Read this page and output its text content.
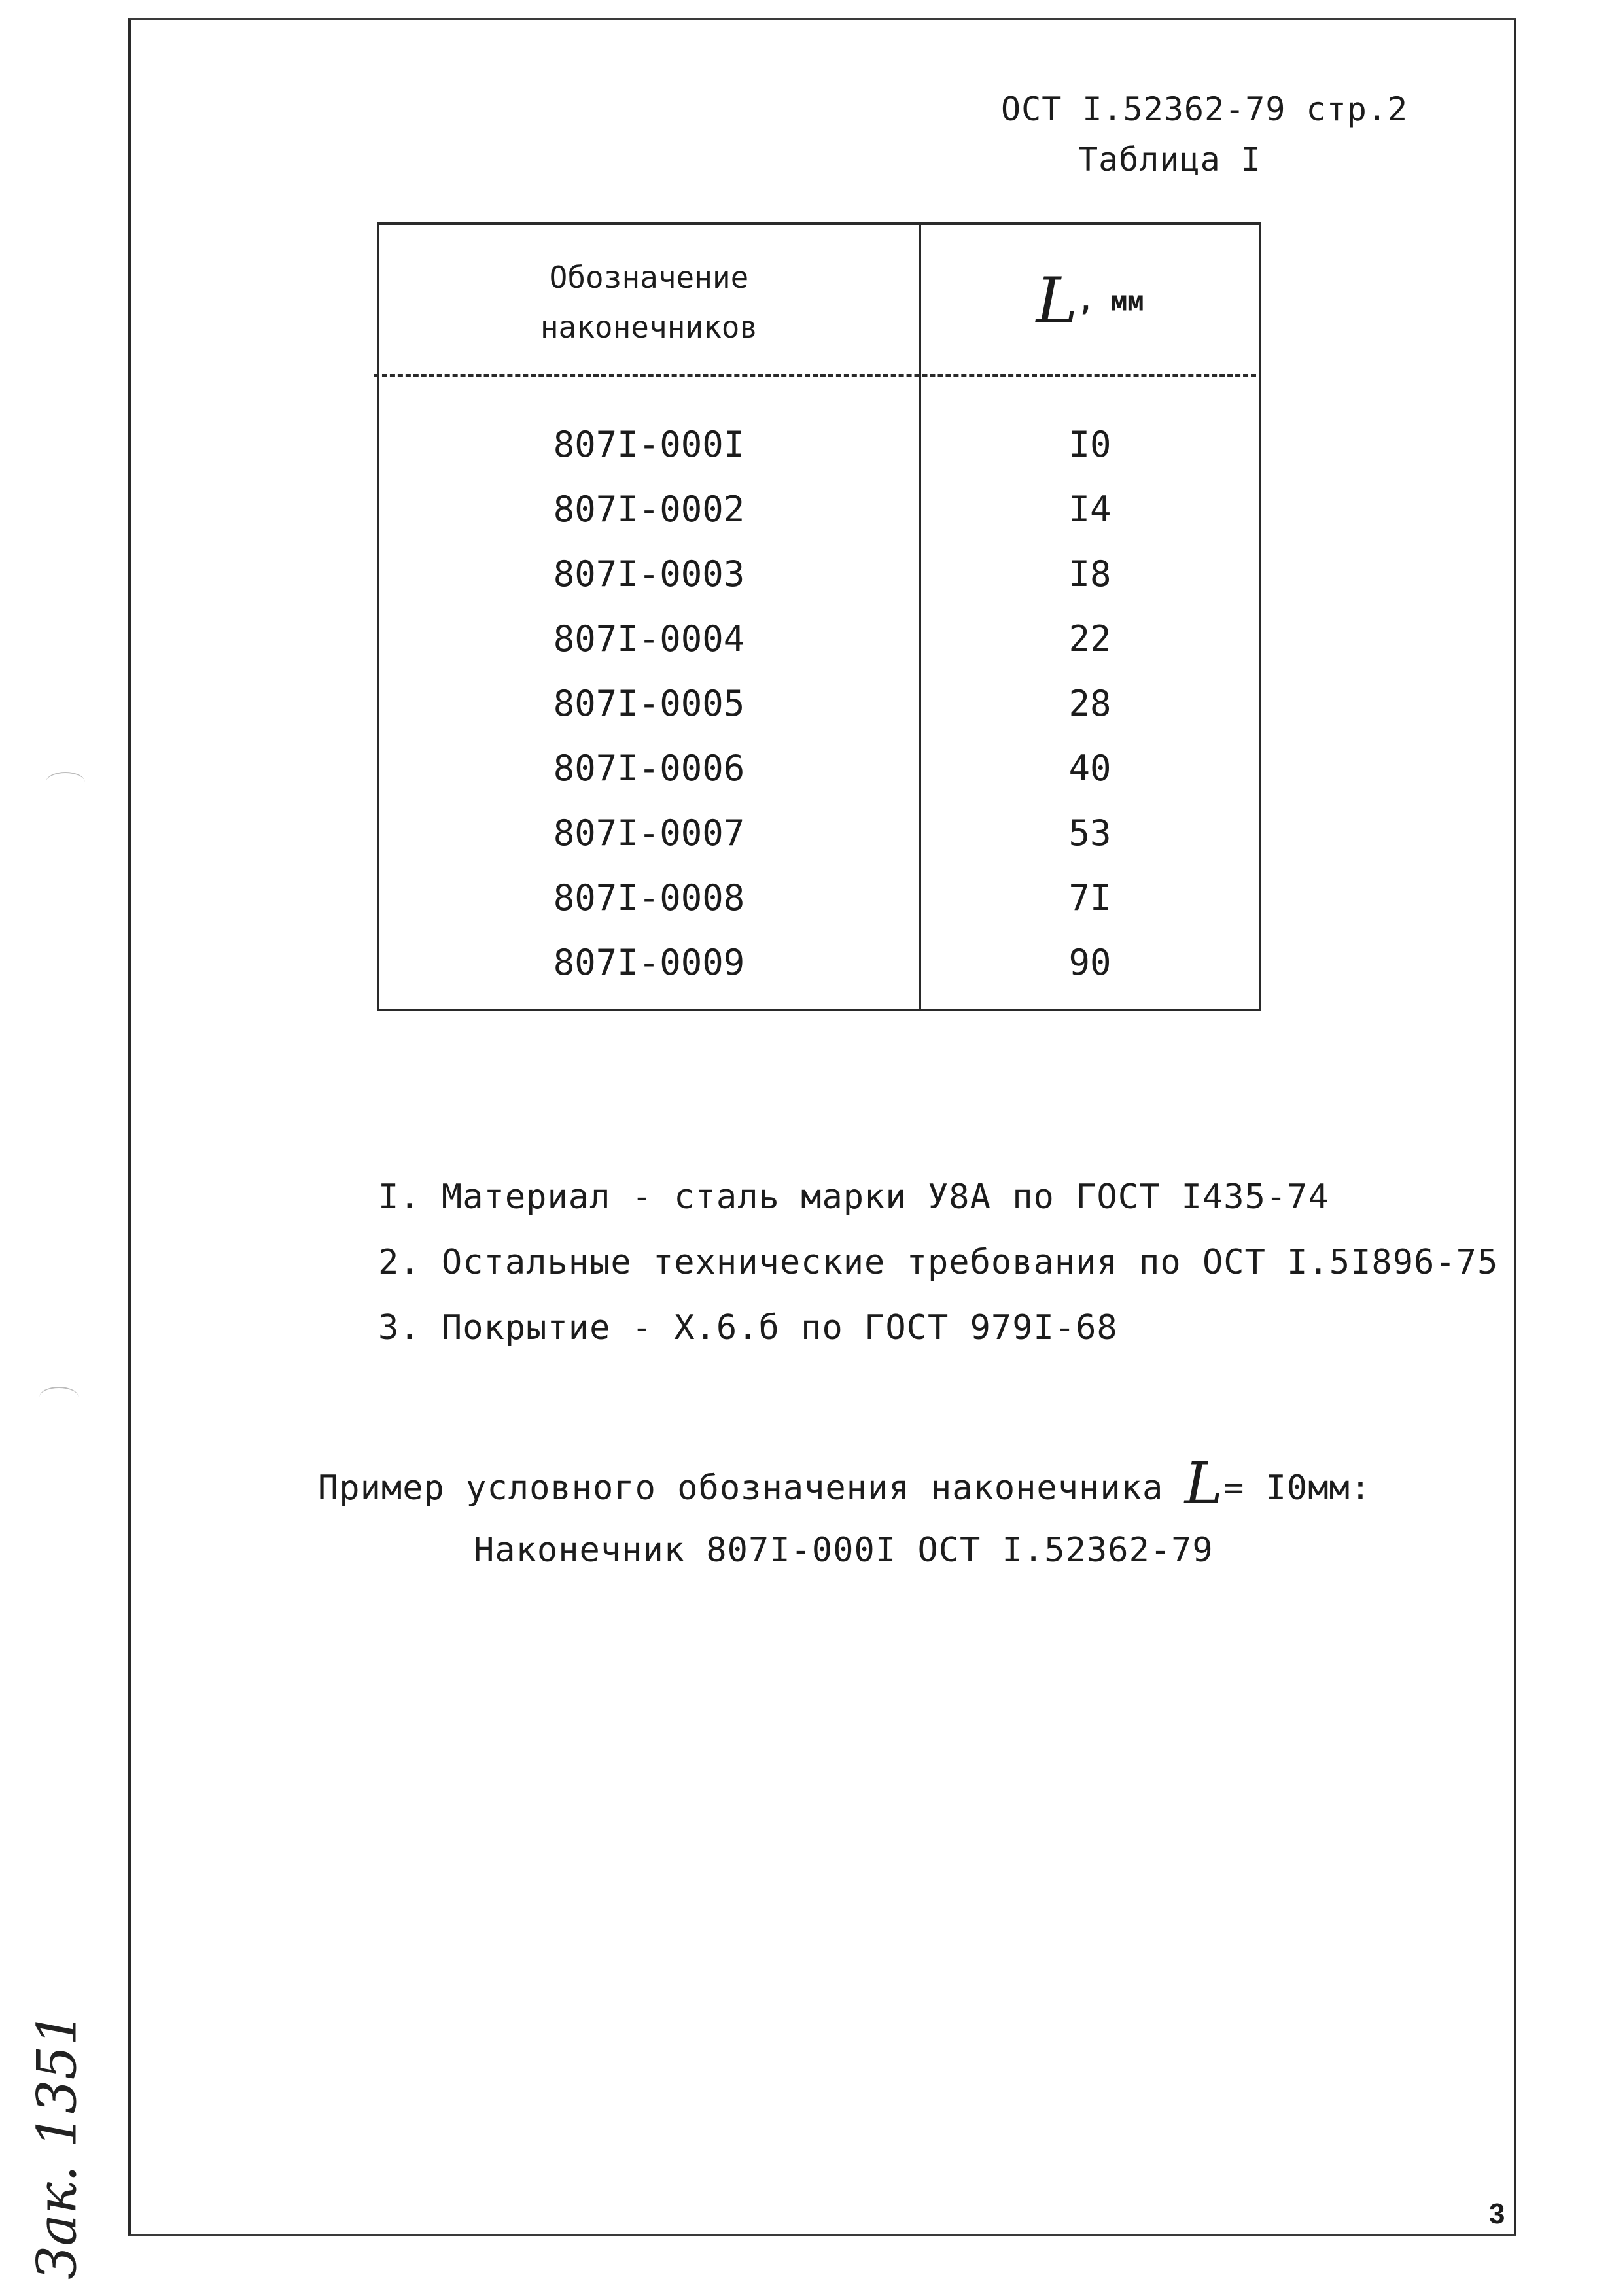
ОСТ I.52362-79 стр.2
Таблица I
Обозначение
наконечников	L, мм
807I-000I	I0
807I-0002	I4
807I-0003	I8
807I-0004	22
807I-0005	28
807I-0006	40
807I-0007	53
807I-0008	7I
807I-0009	90
I. Материал - сталь марки У8А по ГОСТ I435-74
2. Остальные технические требования по ОСТ I.5I896-75
3. Покрытие - Х.6.б по ГОСТ 979I-68
Пример условного обозначения наконечника L= I0мм:
Наконечник 807I-000I ОСТ I.52362-79
Зак. 1351	3
